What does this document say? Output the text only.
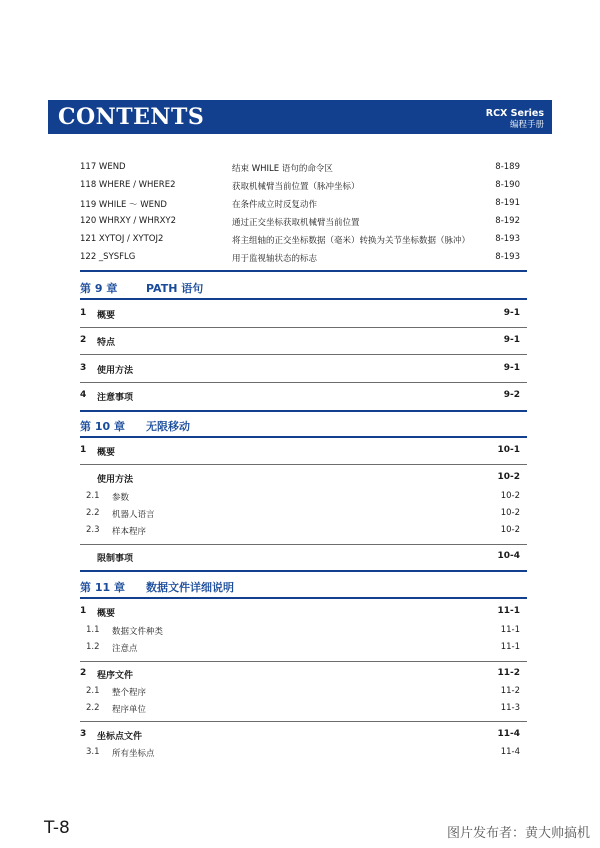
CONTENTS	RCX Series
编程手册
117 WEND	结束 WHILE 语句的命令区	8-189
118 WHERE / WHERE2	获取机械臂当前位置（脉冲坐标）	8-190
119 WHILE ～ WEND	在条件成立时反复动作	8-191
120 WHRXY / WHRXY2	通过正交坐标获取机械臂当前位置	8-192
121 XYTOJ / XYTOJ2	将主组轴的正交坐标数据（毫米）转换为关节坐标数据（脉冲）	8-193
122 _SYSFLG	用于监视轴状态的标志	8-193
第 9 章	PATH 语句
1 概要	9-1
2 特点	9-1
3 使用方法	9-1
4 注意事项	9-2
第 10 章 无限移动
1 概要	10-1
使用方法	10-2
2.1 参数	10-2
2.2 机器人语言	10-2
2.3 样本程序	10-2
限制事项	10-4
第 11 章 数据文件详细说明
1 概要	11-1
1.1 数据文件种类	11-1
1.2 注意点	11-1
2 程序文件	11-2
2.1 整个程序	11-2
2.2 程序单位	11-3
3 坐标点文件	11-4
3.1 所有坐标点	11-4
T-8	图片发布者：黄大帅搞机
